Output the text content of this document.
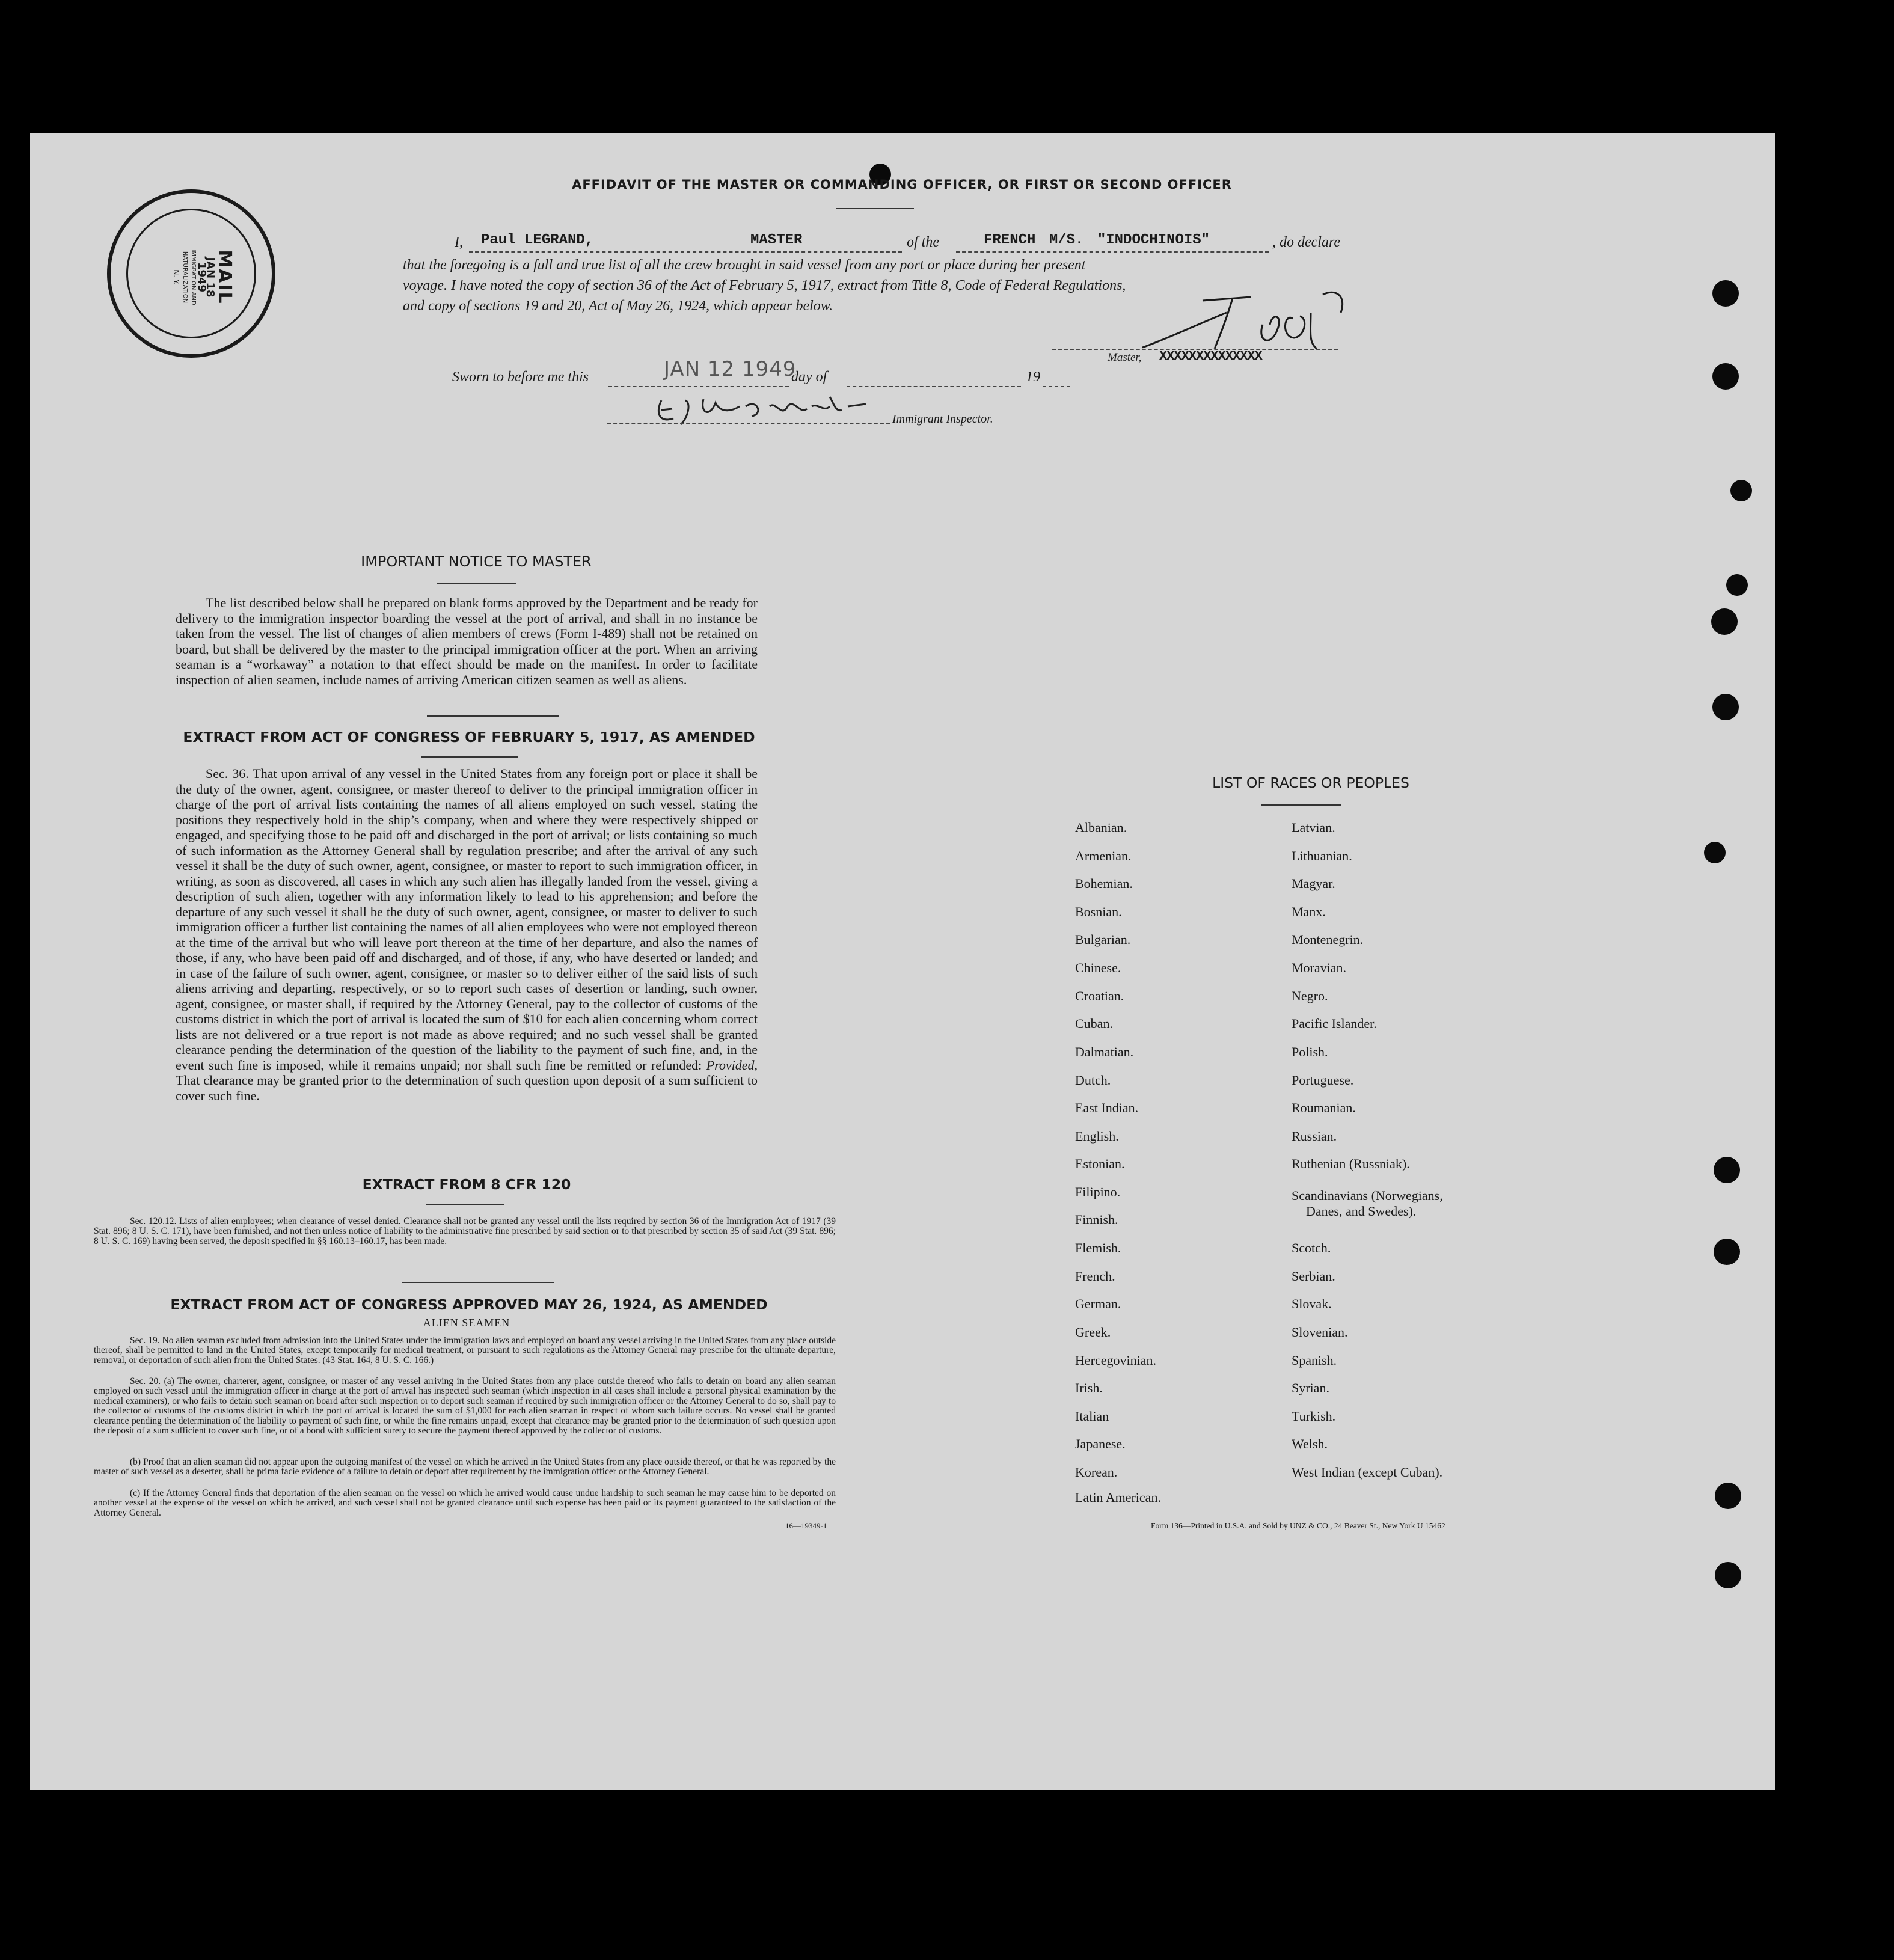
MAIL
JAN 18 1949
IMMIGRATION AND NATURALIZATION
N. Y.
AFFIDAVIT OF THE MASTER OR COMMANDING OFFICER, OR FIRST OR SECOND OFFICER
I, Paul LEGRAND,	MASTER	of the	FRENCH M/S. "INDOCHINOIS"	, do declare
that the foregoing is a full and true list of all the crew brought in said vessel from any port or place during her present
voyage. I have noted the copy of section 36 of the Act of February 5, 1917, extract from Title 8, Code of Federal Regulations,
and copy of sections 19 and 20, Act of May 26, 1924, which appear below.
Master, XXXXXXXXXXXXXX
Sworn to before me this	JAN 12 1949
day of	19
Immigrant Inspector.
IMPORTANT NOTICE TO MASTER
The list described below shall be prepared on blank forms approved by the Department and be ready for delivery to the immigration inspector boarding the vessel at the port of arrival, and shall in no instance be taken from the vessel. The list of changes of alien members of crews (Form I-489) shall not be retained on board, but shall be delivered by the master to the principal immigration officer at the port. When an arriving seaman is a “workaway” a notation to that effect should be made on the manifest. In order to facilitate inspection of alien seamen, include names of arriving American citizen seamen as well as aliens.
EXTRACT FROM ACT OF CONGRESS OF FEBRUARY 5, 1917, AS AMENDED
Sec. 36. That upon arrival of any vessel in the United States from any foreign port or place it shall be the duty of the owner, agent, consignee, or master thereof to deliver to the principal immigration officer in charge of the port of arrival lists containing the names of all aliens employed on such vessel, stating the positions they respectively hold in the ship’s company, when and where they were respectively shipped or engaged, and specifying those to be paid off and discharged in the port of arrival; or lists containing so much of such information as the Attorney General shall by regulation prescribe; and after the arrival of any such vessel it shall be the duty of such owner, agent, consignee, or master to report to such immigration officer, in writing, as soon as discovered, all cases in which any such alien has illegally landed from the vessel, giving a description of such alien, together with any information likely to lead to his apprehension; and before the departure of any such vessel it shall be the duty of such owner, agent, consignee, or master to deliver to such immigration officer a further list containing the names of all alien employees who were not employed thereon at the time of the arrival but who will leave port thereon at the time of her departure, and also the names of those, if any, who have been paid off and discharged, and of those, if any, who have deserted or landed; and in case of the failure of such owner, agent, consignee, or master so to deliver either of the said lists of such aliens arriving and departing, respectively, or so to report such cases of desertion or landing, such owner, agent, consignee, or master shall, if required by the Attorney General, pay to the collector of customs of the customs district in which the port of arrival is located the sum of $10 for each alien concerning whom correct lists are not delivered or a true report is not made as above required; and no such vessel shall be granted clearance pending the determination of the question of the liability to the payment of such fine, and, in the event such fine is imposed, while it remains unpaid; nor shall such fine be remitted or refunded: Provided, That clearance may be granted prior to the determination of such question upon deposit of a sum sufficient to cover such fine.
EXTRACT FROM 8 CFR 120
Sec. 120.12. Lists of alien employees; when clearance of vessel denied. Clearance shall not be granted any vessel until the lists required by section 36 of the Immigration Act of 1917 (39 Stat. 896; 8 U. S. C. 171), have been furnished, and not then unless notice of liability to the administrative fine prescribed by said section or to that prescribed by section 35 of said Act (39 Stat. 896; 8 U. S. C. 169) having been served, the deposit specified in §§ 160.13–160.17, has been made.
EXTRACT FROM ACT OF CONGRESS APPROVED MAY 26, 1924, AS AMENDED
ALIEN SEAMEN
Sec. 19. No alien seaman excluded from admission into the United States under the immigration laws and employed on board any vessel arriving in the United States from any place outside thereof, shall be permitted to land in the United States, except temporarily for medical treatment, or pursuant to such regulations as the Attorney General may prescribe for the ultimate departure, removal, or deportation of such alien from the United States. (43 Stat. 164, 8 U. S. C. 166.)
Sec. 20. (a) The owner, charterer, agent, consignee, or master of any vessel arriving in the United States from any place outside thereof who fails to detain on board any alien seaman employed on such vessel until the immigration officer in charge at the port of arrival has inspected such seaman (which inspection in all cases shall include a personal physical examination by the medical examiners), or who fails to detain such seaman on board after such inspection or to deport such seaman if required by such immigration officer or the Attorney General to do so, shall pay to the collector of customs of the customs district in which the port of arrival is located the sum of $1,000 for each alien seaman in respect of whom such failure occurs. No vessel shall be granted clearance pending the determination of the liability to payment of such fine, or while the fine remains unpaid, except that clearance may be granted prior to the determination of such question upon the deposit of a sum sufficient to cover such fine, or of a bond with sufficient surety to secure the payment thereof approved by the collector of customs.
(b) Proof that an alien seaman did not appear upon the outgoing manifest of the vessel on which he arrived in the United States from any place outside thereof, or that he was reported by the master of such vessel as a deserter, shall be prima facie evidence of a failure to detain or deport after requirement by the immigration officer or the Attorney General.
(c) If the Attorney General finds that deportation of the alien seaman on the vessel on which he arrived would cause undue hardship to such seaman he may cause him to be deported on another vessel at the expense of the vessel on which he arrived, and such vessel shall not be granted clearance until such expense has been paid or its payment guaranteed to the satisfaction of the Attorney General.
16—19349-1
LIST OF RACES OR PEOPLES
Albanian.
Armenian.
Bohemian.
Bosnian.
Bulgarian.
Chinese.
Croatian.
Cuban.
Dalmatian.
Dutch.
East Indian.
English.
Estonian.
Filipino.
Finnish.
Flemish.
French.
German.
Greek.
Hercegovinian.
Irish.
Italian
Japanese.
Korean.
Latin American.
Latvian.
Lithuanian.
Magyar.
Manx.
Montenegrin.
Moravian.
Negro.
Pacific Islander.
Polish.
Portuguese.
Roumanian.
Russian.
Ruthenian (Russniak).
Scandinavians (Norwegians,
Danes, and Swedes).
Scotch.
Serbian.
Slovak.
Slovenian.
Spanish.
Syrian.
Turkish.
Welsh.
West Indian (except Cuban).
Form 136—Printed in U.S.A. and Sold by UNZ & CO., 24 Beaver St., New York U 15462
